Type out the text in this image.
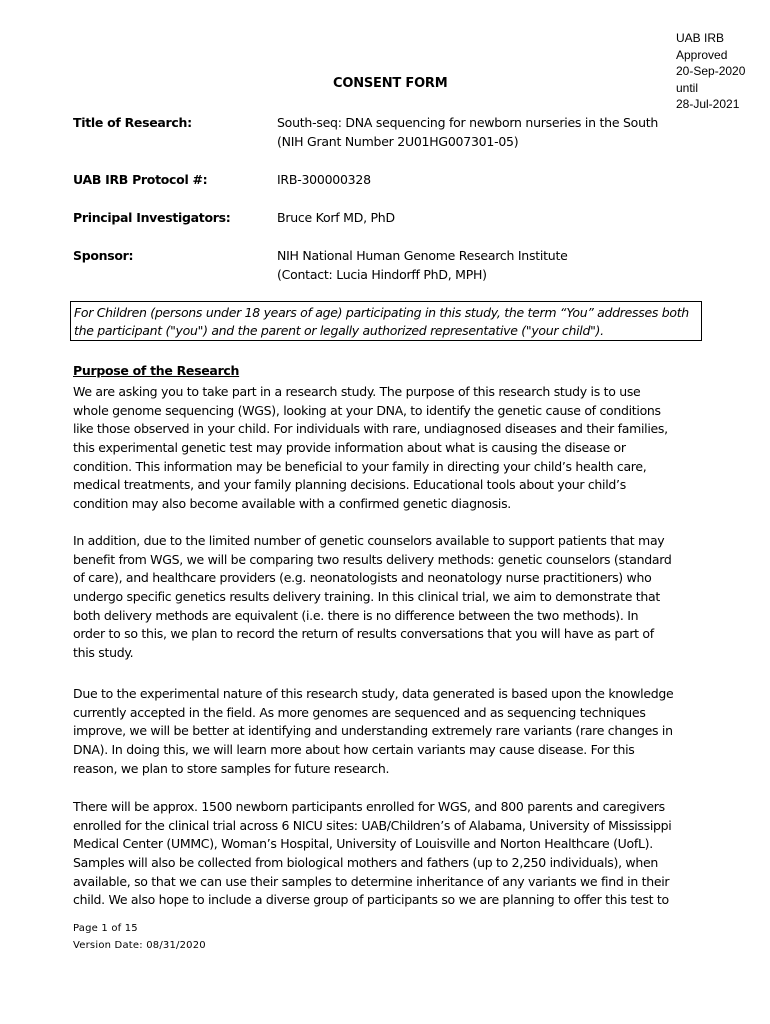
UAB IRB
Approved
20-Sep-2020
until
28-Jul-2021
CONSENT FORM
Title of Research:	South-seq: DNA sequencing for newborn nurseries in the South
(NIH Grant Number 2U01HG007301-05)
UAB IRB Protocol #:	IRB-300000328
Principal Investigators:	Bruce Korf MD, PhD
Sponsor:	NIH National Human Genome Research Institute
(Contact: Lucia Hindorff PhD, MPH)
For Children (persons under 18 years of age) participating in this study, the term “You” addresses both
the participant ("you") and the parent or legally authorized representative ("your child").
Purpose of the Research
We are asking you to take part in a research study. The purpose of this research study is to use
whole genome sequencing (WGS), looking at your DNA, to identify the genetic cause of conditions
like those observed in your child. For individuals with rare, undiagnosed diseases and their families,
this experimental genetic test may provide information about what is causing the disease or
condition. This information may be beneficial to your family in directing your child’s health care,
medical treatments, and your family planning decisions. Educational tools about your child’s
condition may also become available with a confirmed genetic diagnosis.
In addition, due to the limited number of genetic counselors available to support patients that may
benefit from WGS, we will be comparing two results delivery methods: genetic counselors (standard
of care), and healthcare providers (e.g. neonatologists and neonatology nurse practitioners) who
undergo specific genetics results delivery training. In this clinical trial, we aim to demonstrate that
both delivery methods are equivalent (i.e. there is no difference between the two methods). In
order to so this, we plan to record the return of results conversations that you will have as part of
this study.
Due to the experimental nature of this research study, data generated is based upon the knowledge
currently accepted in the field. As more genomes are sequenced and as sequencing techniques
improve, we will be better at identifying and understanding extremely rare variants (rare changes in
DNA). In doing this, we will learn more about how certain variants may cause disease. For this
reason, we plan to store samples for future research.
There will be approx. 1500 newborn participants enrolled for WGS, and 800 parents and caregivers
enrolled for the clinical trial across 6 NICU sites: UAB/Children’s of Alabama, University of Mississippi
Medical Center (UMMC), Woman’s Hospital, University of Louisville and Norton Healthcare (UofL).
Samples will also be collected from biological mothers and fathers (up to 2,250 individuals), when
available, so that we can use their samples to determine inheritance of any variants we find in their
child. We also hope to include a diverse group of participants so we are planning to offer this test to
Page 1 of 15
Version Date: 08/31/2020
